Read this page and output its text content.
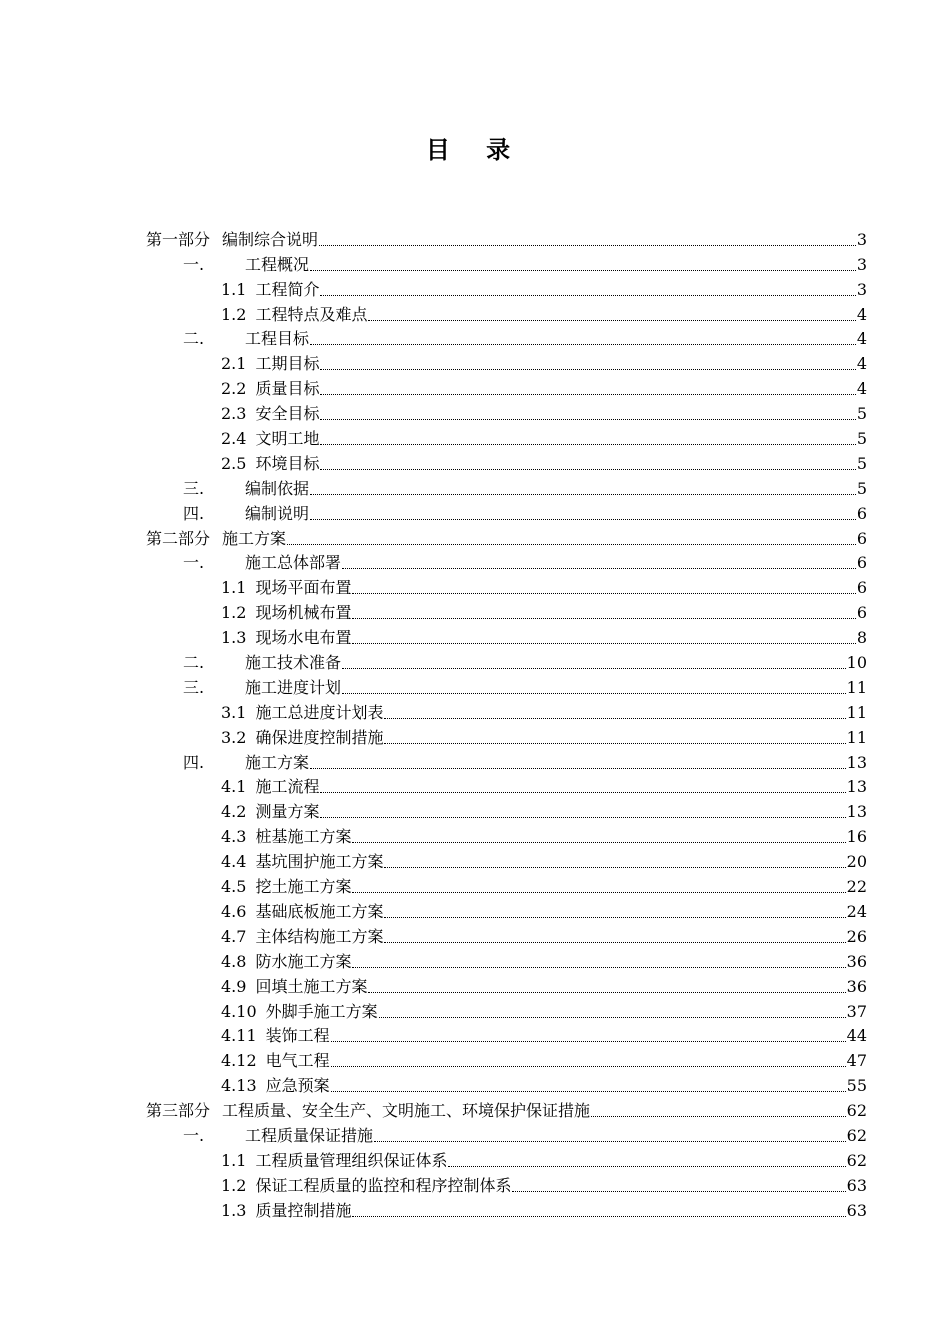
目 录
第一部分 编制综合说明	3
一.	工程概况	3
1.1 工程简介	3
1.2 工程特点及难点	4
二.	工程目标	4
2.1 工期目标	4
2.2 质量目标	4
2.3 安全目标	5
2.4 文明工地	5
2.5 环境目标	5
三.	编制依据	5
四.	编制说明	6
第二部分 施工方案	6
一.	施工总体部署	6
1.1 现场平面布置	6
1.2 现场机械布置	6
1.3 现场水电布置	8
二.	施工技术准备	10
三.	施工进度计划	11
3.1 施工总进度计划表	11
3.2 确保进度控制措施	11
四.	施工方案	13
4.1 施工流程	13
4.2 测量方案	13
4.3 桩基施工方案	16
4.4 基坑围护施工方案	20
4.5 挖土施工方案	22
4.6 基础底板施工方案	24
4.7 主体结构施工方案	26
4.8 防水施工方案	36
4.9 回填土施工方案	36
4.10 外脚手施工方案	37
4.11 装饰工程	44
4.12 电气工程	47
4.13 应急预案	55
第三部分 工程质量、安全生产、文明施工、环境保护保证措施	62
一.	工程质量保证措施	62
1.1 工程质量管理组织保证体系	62
1.2 保证工程质量的监控和程序控制体系	63
1.3 质量控制措施	63
